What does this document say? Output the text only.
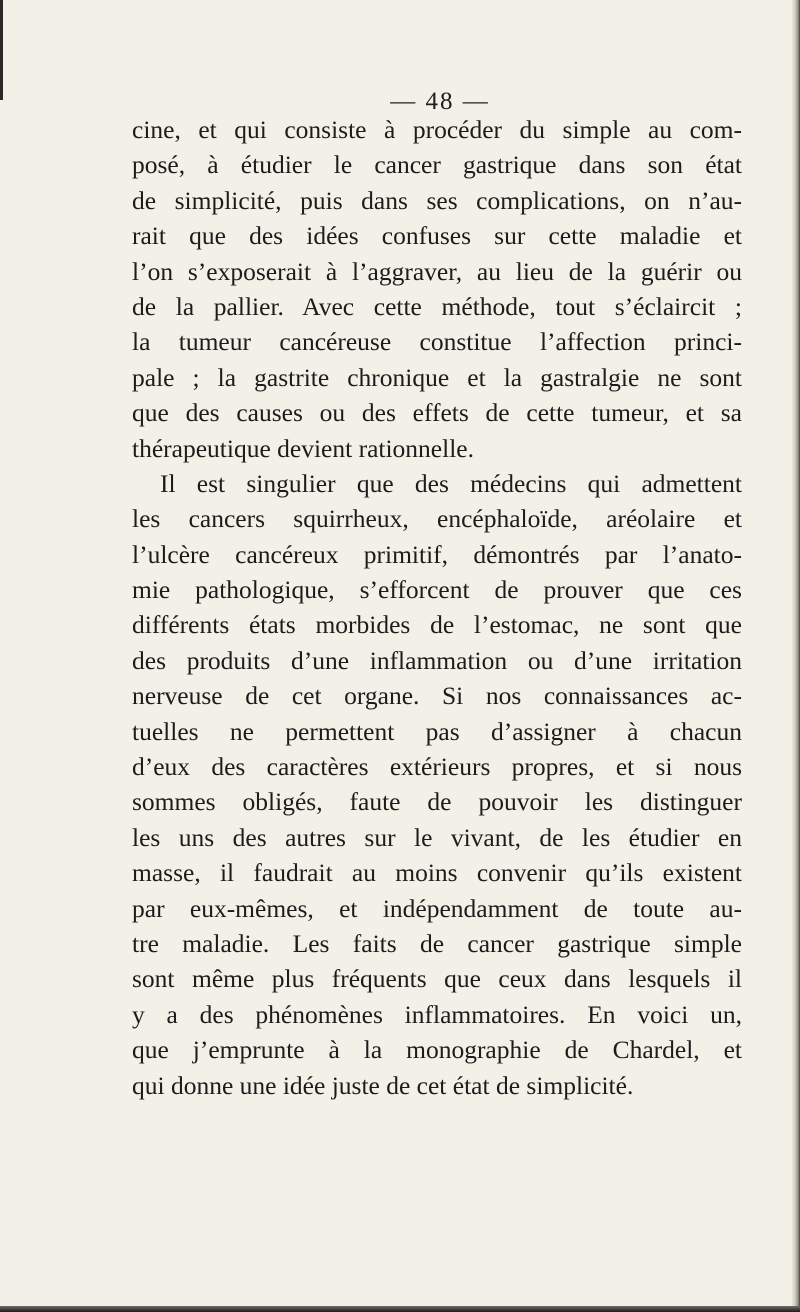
— 48 —
cine, et qui consiste à procéder du simple au com-
posé, à étudier le cancer gastrique dans son état
de simplicité, puis dans ses complications, on n’au-
rait que des idées confuses sur cette maladie et
l’on s’exposerait à l’aggraver, au lieu de la guérir ou
de la pallier. Avec cette méthode, tout s’éclaircit ;
la tumeur cancéreuse constitue l’affection princi-
pale ; la gastrite chronique et la gastralgie ne sont
que des causes ou des effets de cette tumeur, et sa
thérapeutique devient rationnelle.
Il est singulier que des médecins qui admettent
les cancers squirrheux, encéphaloïde, aréolaire et
l’ulcère cancéreux primitif, démontrés par l’anato-
mie pathologique, s’efforcent de prouver que ces
différents états morbides de l’estomac, ne sont que
des produits d’une inflammation ou d’une irritation
nerveuse de cet organe. Si nos connaissances ac-
tuelles ne permettent pas d’assigner à chacun
d’eux des caractères extérieurs propres, et si nous
sommes obligés, faute de pouvoir les distinguer
les uns des autres sur le vivant, de les étudier en
masse, il faudrait au moins convenir qu’ils existent
par eux-mêmes, et indépendamment de toute au-
tre maladie. Les faits de cancer gastrique simple
sont même plus fréquents que ceux dans lesquels il
y a des phénomènes inflammatoires. En voici un,
que j’emprunte à la monographie de Chardel, et
qui donne une idée juste de cet état de simplicité.
